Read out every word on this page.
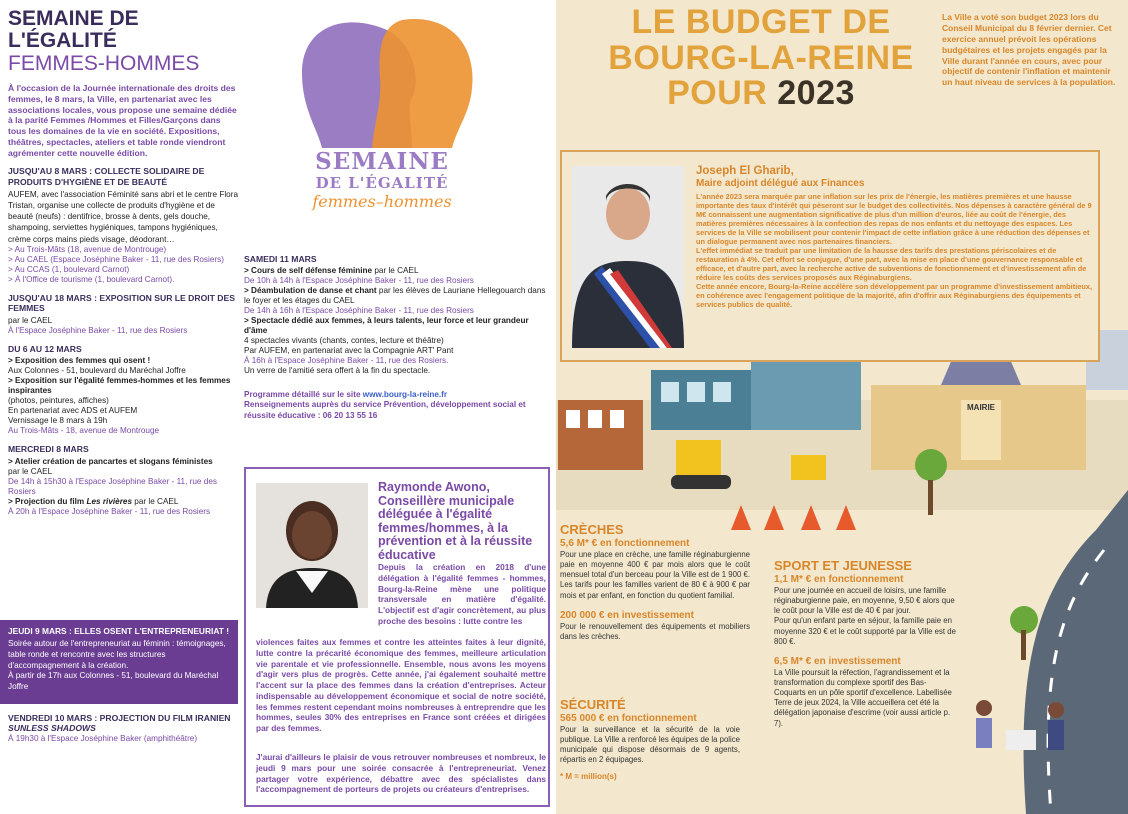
SEMAINE DE L'ÉGALITÉ
FEMMES-HOMMES

À l'occasion de la Journée internationale des droits des femmes, le 8 mars, la Ville, en partenariat avec les associations locales, vous propose une semaine dédiée à la parité Femmes /Hommes et Filles/Garçons dans tous les domaines de la vie en société. Expositions, théâtres, spectacles, ateliers et table ronde viendront agrémenter cette nouvelle édition.

JUSQU'AU 8 MARS : COLLECTE SOLIDAIRE DE PRODUITS D'HYGIÈNE ET DE BEAUTÉ

AUFEM, avec l'association Féminité sans abri et le centre Flora Tristan, organise une collecte de produits d'hygiène et de beauté (neufs) : dentifrice, brosse à dents, gels douche, shampoing, serviettes hygiéniques, tampons hygiéniques, crème corps mains pieds visage, déodorant…

> Au Trois-Mâts (18, avenue de Montrouge)

> Au CAEL (Espace Joséphine Baker - 11, rue des Rosiers)

> Au CCAS (1, boulevard Carnot)

> À l'Office de tourisme (1, boulevard Carnot).

JUSQU'AU 18 MARS : EXPOSITION SUR LE DROIT DES FEMMES

par le CAEL

À l'Espace Joséphine Baker - 11, rue des Rosiers

DU 6 AU 12 MARS

> Exposition des femmes qui osent !

Aux Colonnes - 51, boulevard du Maréchal Joffre

> Exposition sur l'égalité femmes-hommes et les femmes inspirantes

(photos, peintures, affiches)

En partenariat avec ADS et AUFEM

Vernissage le 8 mars à 19h

Au Trois-Mâts - 18, avenue de Montrouge

MERCREDI 8 MARS

> Atelier création de pancartes et slogans féministes

par le CAEL

De 14h à 15h30 à l'Espace Joséphine Baker - 11, rue des Rosiers

> Projection du film Les rivières par le CAEL

À 20h à l'Espace Joséphine Baker - 11, rue des Rosiers

JEUDI 9 MARS : ELLES OSENT L'ENTREPRENEURIAT !

Soirée autour de l'entrepreneuriat au féminin : témoignages, table ronde et rencontre avec les structures d'accompagnement à la création.

À partir de 17h aux Colonnes - 51, boulevard du Maréchal Joffre

VENDREDI 10 MARS : PROJECTION DU FILM IRANIEN

SUNLESS SHADOWS

À 19h30 à l'Espace Joséphine Baker (amphithéâtre)

SEMAINE
DE L'ÉGALITÉ
femmes–hommes

SAMEDI 11 MARS

> Cours de self défense féminine par le CAEL

De 10h à 14h à l'Espace Joséphine Baker - 11, rue des Rosiers

> Déambulation de danse et chant par les élèves de Lauriane Hellegouarch dans le foyer et les étages du CAEL

De 14h à 16h à l'Espace Joséphine Baker - 11, rue des Rosiers

> Spectacle dédié aux femmes, à leurs talents, leur force et leur grandeur d'âme

4 spectacles vivants (chants, contes, lecture et théâtre)

Par AUFEM, en partenariat avec la Compagnie ART' Pant

À 16h à l'Espace Joséphine Baker - 11, rue des Rosiers.

Un verre de l'amitié sera offert à la fin du spectacle.

Programme détaillé sur le site www.bourg-la-reine.fr

Renseignements auprès du service Prévention, développement social et réussite éducative : 06 20 13 55 16

Raymonde Awono,

Conseillère municipale déléguée à l'égalité femmes/hommes, à la prévention et à la réussite éducative

Depuis la création en 2018 d'une délégation à l'égalité femmes - hommes, Bourg-la-Reine mène une politique transversale en matière d'égalité. L'objectif est d'agir concrètement, au plus proche des besoins : lutte contre les

violences faites aux femmes et contre les atteintes faites à leur dignité, lutte contre la précarité économique des femmes, meilleure articulation vie parentale et vie professionnelle. Ensemble, nous avons les moyens d'agir vers plus de progrès. Cette année, j'ai également souhaité mettre l'accent sur la place des femmes dans la création d'entreprises. Acteur indispensable au développement économique et social de notre société, les femmes restent cependant moins nombreuses à entreprendre que les hommes, seules 30% des entreprises en France sont créées et dirigées par des femmes.

J'aurai d'ailleurs le plaisir de vous retrouver nombreuses et nombreux, le jeudi 9 mars pour une soirée consacrée à l'entrepreneuriat. Venez partager votre expérience, débattre avec des spécialistes dans l'accompagnement de porteurs de projets ou créateurs d'entreprises.

MAIRIE
LE BUDGET DE
BOURG-LA-REINE
POUR 2023

La Ville a voté son budget 2023 lors du Conseil Municipal du 8 février dernier. Cet exercice annuel prévoit les opérations budgétaires et les projets engagés par la Ville durant l'année en cours, avec pour objectif de contenir l'inflation et maintenir un haut niveau de services à la population.

Joseph El Gharib,

Maire adjoint délégué aux Finances

L'année 2023 sera marquée par une inflation sur les prix de l'énergie, les matières premières et une hausse importante des taux d'intérêt qui pèseront sur le budget des collectivités. Nos dépenses à caractère général de 9 M€ connaissent une augmentation significative de plus d'un million d'euros, liée au coût de l'énergie, des matières premières nécessaires à la confection des repas de nos enfants et du nettoyage des espaces. Les services de la Ville se mobilisent pour contenir l'impact de cette inflation grâce à une réduction des dépenses et un dialogue permanent avec nos partenaires financiers.

L'effet immédiat se traduit par une limitation de la hausse des tarifs des prestations périscolaires et de restauration à 4%. Cet effort se conjugue, d'une part, avec la mise en place d'une gouvernance responsable et efficace, et d'autre part, avec la recherche active de subventions de fonctionnement et d'investissement afin de réduire les coûts des services proposés aux Réginaburgiens.

Cette année encore, Bourg-la-Reine accélère son développement par un programme d'investissement ambitieux, en cohérence avec l'engagement politique de la majorité, afin d'offrir aux Réginaburgiens des équipements et services publics de qualité.

CRÈCHES

5,6 M* € en fonctionnement

Pour une place en crèche, une famille réginaburgienne paie en moyenne 400 € par mois alors que le coût mensuel total d'un berceau pour la Ville est de 1 900 €. Les tarifs pour les familles varient de 80 € à 900 € par mois et par enfant, en fonction du quotient familial.

200 000 € en investissement

Pour le renouvellement des équipements et mobiliers dans les crèches.

SÉCURITÉ

565 000 € en fonctionnement

Pour la surveillance et la sécurité de la voie publique. La Ville a renforcé les équipes de la police municipale qui dispose désormais de 9 agents, répartis en 2 équipages.

* M = million(s)

SPORT ET JEUNESSE

1,1 M* € en fonctionnement

Pour une journée en accueil de loisirs, une famille réginaburgienne paie, en moyenne, 9,50 € alors que le coût pour la Ville est de 40 € par jour.

Pour qu'un enfant parte en séjour, la famille paie en moyenne 320 € et le coût supporté par la Ville est de 800 €.

6,5 M* € en investissement

La Ville poursuit la réfection, l'agrandissement et la transformation du complexe sportif des Bas-Coquarts en un pôle sportif d'excellence. Labellisée Terre de jeux 2024, la Ville accueillera cet été la délégation japonaise d'escrime (voir aussi article p. 7).
